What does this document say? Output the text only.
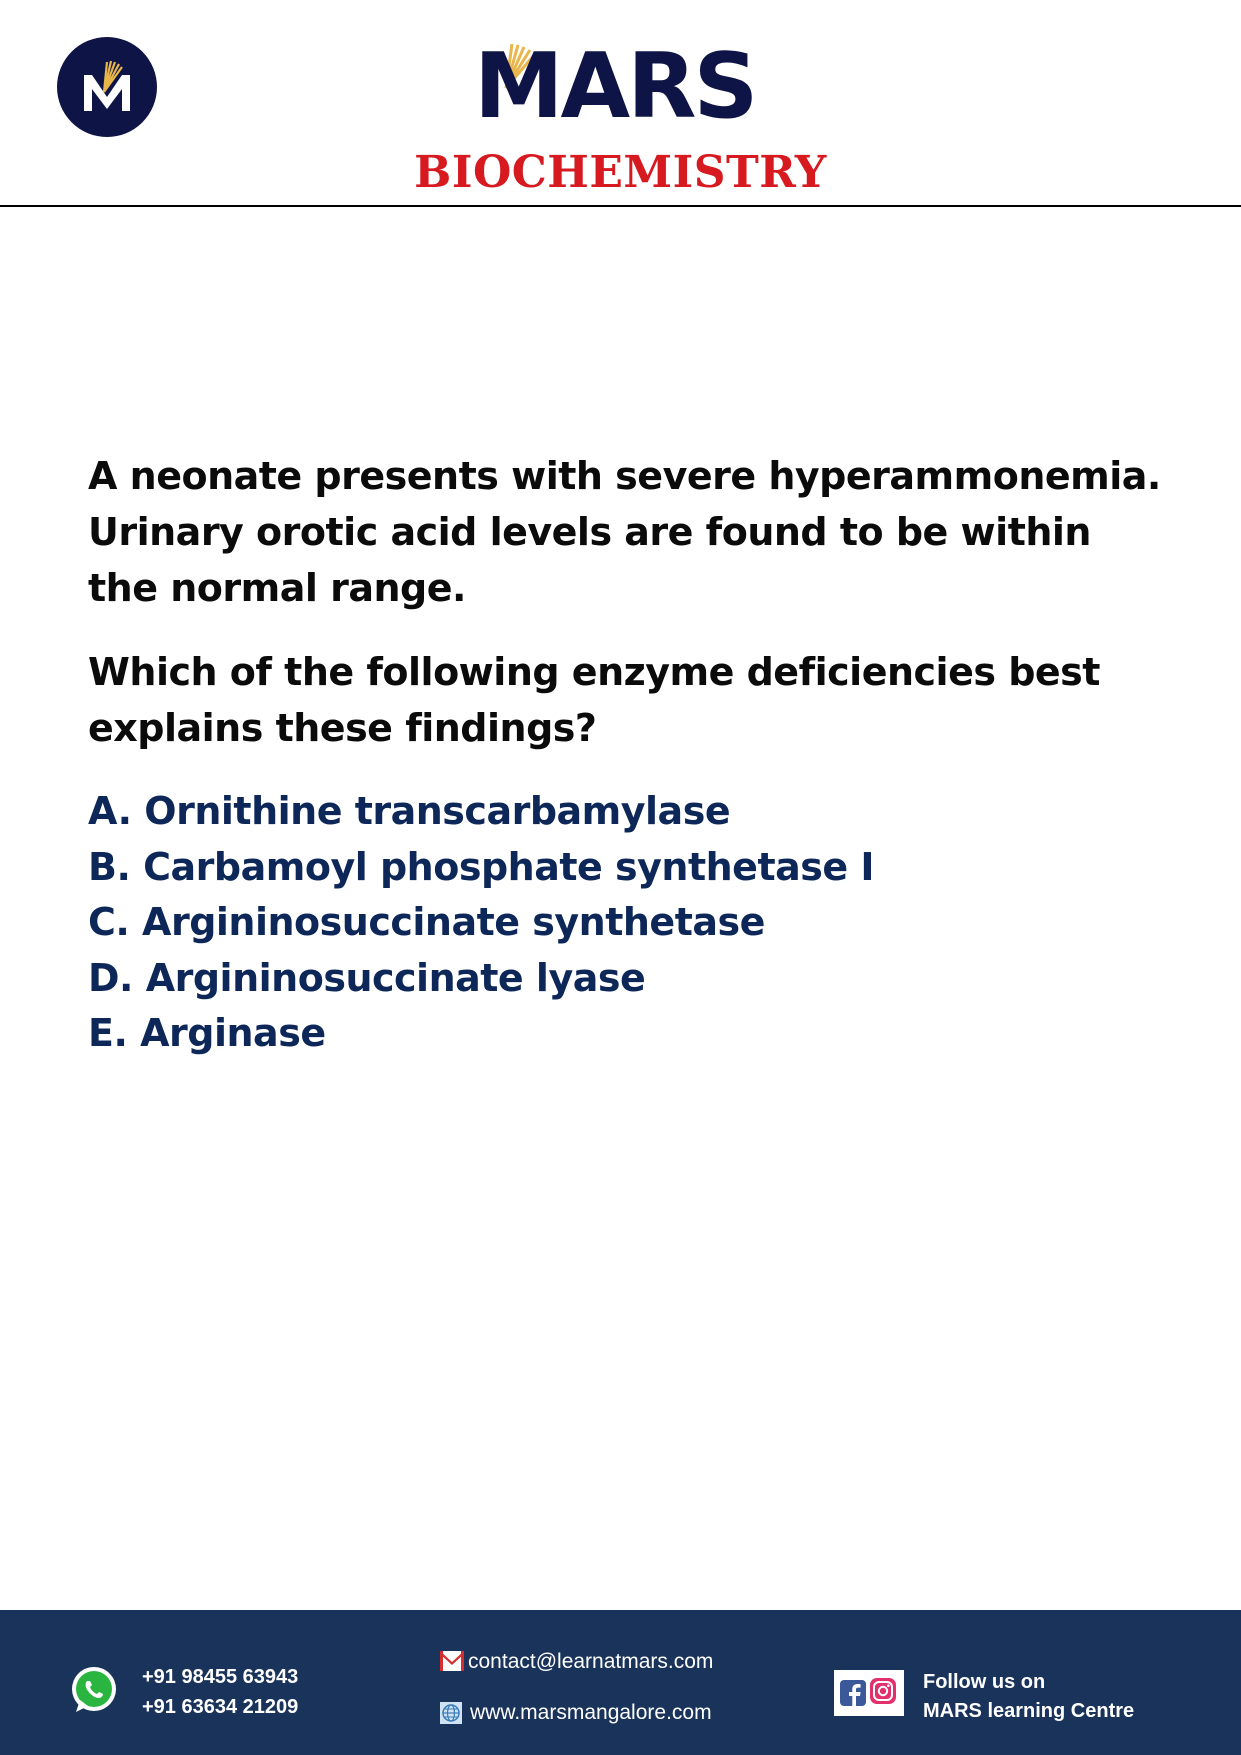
MARS
BIOCHEMISTRY

A neonate presents with severe hyperammonemia. Urinary orotic acid levels are found to be within the normal range.

Which of the following enzyme deficiencies best explains these findings?

A. Ornithine transcarbamylase
B. Carbamoyl phosphate synthetase I
C. Argininosuccinate synthetase
D. Argininosuccinate lyase
E. Arginase
+91 98455 63943
+91 63634 21209
contact@learnatmars.com
www.marsmangalore.com
Follow us on
MARS learning Centre
